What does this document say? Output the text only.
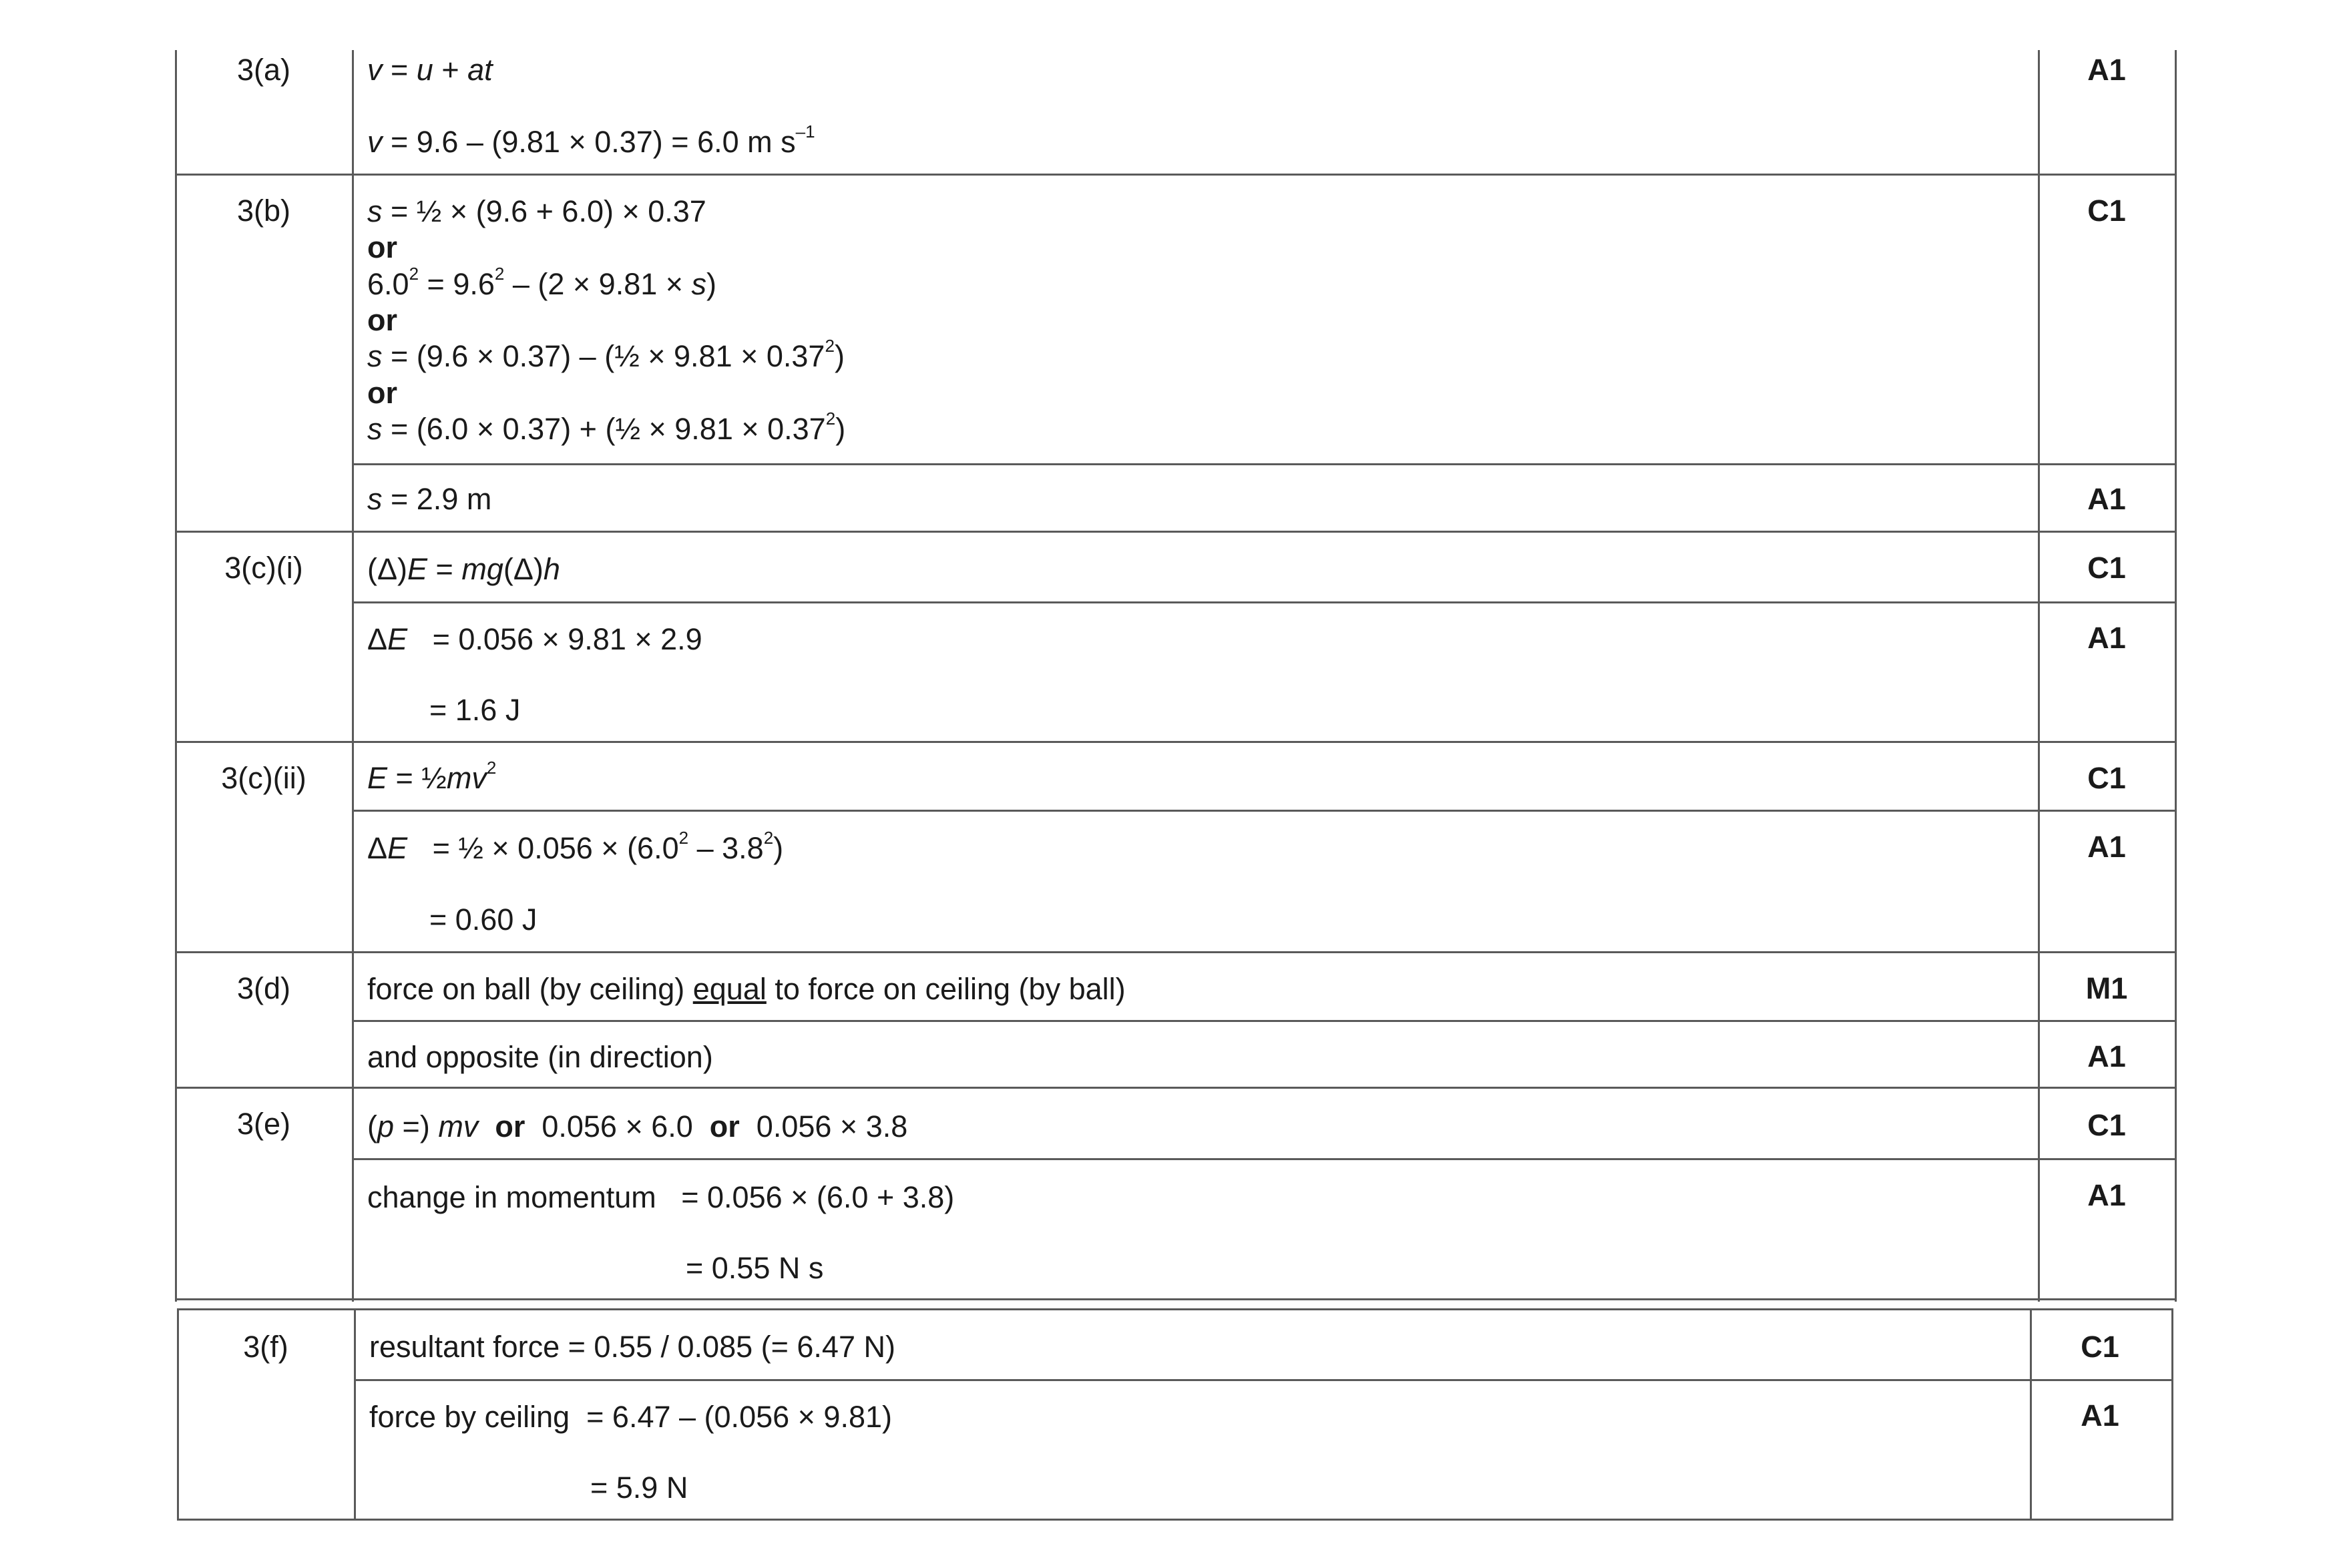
3(a)
3(b)
3(c)(i)
3(c)(ii)
3(d)
3(e)
3(f)
v = u + at
v = 9.6 – (9.81 × 0.37) = 6.0 m $s^{-1}$
s = ½ × (9.6 + 6.0) × 0.37
or
$6.0^2 = 9.6^2 - (2 \times 9.81 \times s)$
or
s = (9.6 × 0.37) – (½ × $9.81 \times 0.37^2$)
or
s = (6.0 × 0.37) + (½ × $9.81 \times 0.37^2$)
s = 2.9 m
(Δ)E = mg(Δ)h
ΔE   = 0.056 × 9.81 × 2.9
= 1.6 J
$E = \frac{1}{2}mv^2$
ΔE   = ½ × $0.056 \times (6.0^2 - 3.8^2)$
= 0.60 J
force on ball (by ceiling) equal to force on ceiling (by ball)
and opposite (in direction)
(p =) mv or  0.056 × 6.0  or  0.056 × 3.8
change in momentum   = 0.056 × (6.0 + 3.8)
= 0.55 N s
resultant force = 0.55 / 0.085 (= 6.47 N)
force by ceiling  = 6.47 – (0.056 × 9.81)
= 5.9 N
A1
C1
A1
C1
A1
C1
A1
M1
A1
C1
A1
C1
A1
